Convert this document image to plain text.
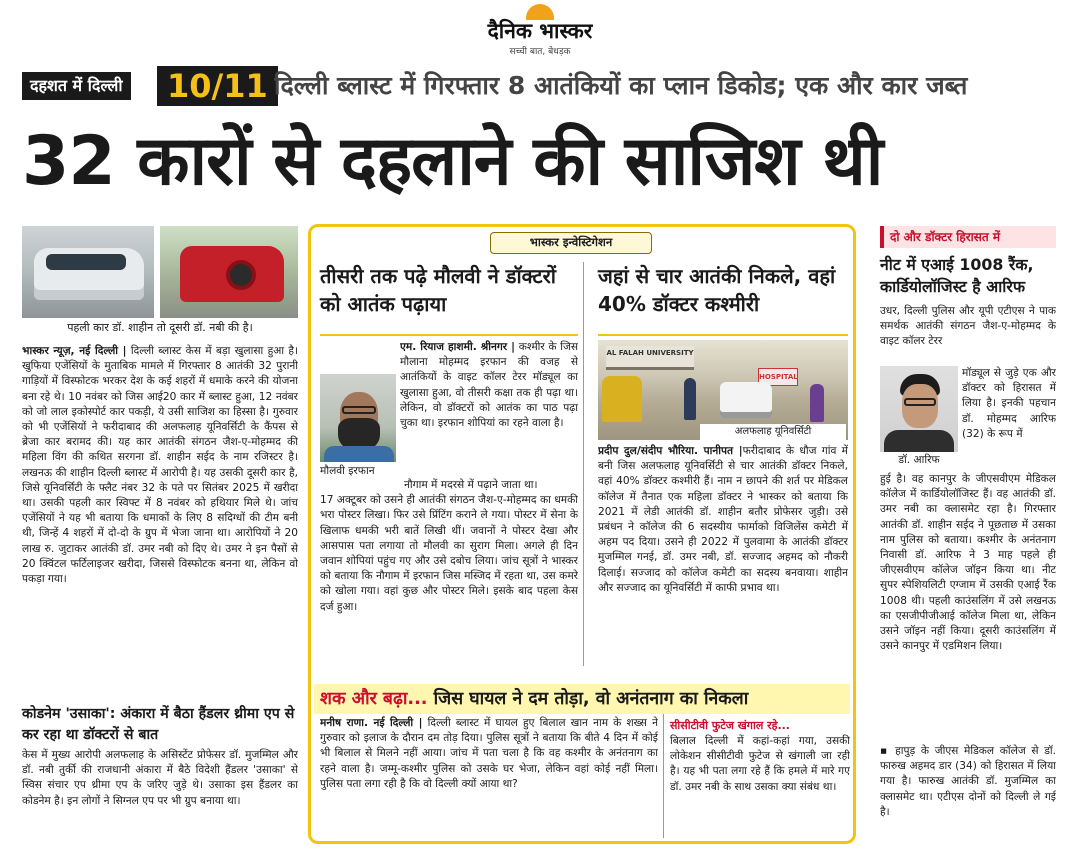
दैनिक भास्कर
सच्ची बात, बेधड़क
दहशत में दिल्ली	10/11 दिल्ली ब्लास्ट में गिरफ्तार 8 आतंकियों का प्लान डिकोड; एक और कार जब्त
32 कारों से दहलाने की साजिश थी
पहली कार डॉ. शाहीन तो दूसरी डॉ. नबी की है।
भास्कर न्यूज़, नई दिल्ली | दिल्ली ब्लास्ट केस में बड़ा खुलासा हुआ है। खुफिया एजेंसियों के मुताबिक मामले में गिरफ्तार 8 आतंकी 32 पुरानी गाड़ियों में विस्फोटक भरकर देश के कई शहरों में धमाके करने की योजना बना रहे थे। 10 नवंबर को जिस आई20 कार में ब्लास्ट हुआ, 12 नवंबर को जो लाल इकोस्पोर्ट कार पकड़ी, ये उसी साजिश का हिस्सा है। गुरुवार को भी एजेंसियों ने फरीदाबाद की अलफलाह यूनिवर्सिटी के कैंपस से ब्रेजा कार बरामद की। यह कार आतंकी संगठन जैश-ए-मोहम्मद की महिला विंग की कथित सरगना डॉ. शाहीन सईद के नाम रजिस्टर है। लखनऊ की शाहीन दिल्ली ब्लास्ट में आरोपी है। यह उसकी दूसरी कार है, जिसे यूनिवर्सिटी के फ्लैट नंबर 32 के पते पर सितंबर 2025 में खरीदा था। उसकी पहली कार स्विफ्ट में 8 नवंबर को हथियार मिले थे। जांच एजेंसियों ने यह भी बताया कि धमाकों के लिए 8 सदिग्धों की टीम बनी थी, जिन्हें 4 शहरों में दो-दो के ग्रुप में भेजा जाना था। आरोपियों ने 20 लाख रु. जुटाकर आतंकी डॉ. उमर नबी को दिए थे। उमर ने इन पैसों से 20 क्विंटल फर्टिलाइजर खरीदा, जिससे विस्फोटक बनना था, लेकिन वो पकड़ा गया।
कोडनेम 'उसाका': अंकारा में बैठा हैंडलर थ्रीमा एप से कर रहा था डॉक्टरों से बात
केस में मुख्य आरोपी अलफलाह के असिस्टेंट प्रोफेसर डॉ. मुजम्मिल और डॉ. नबी तुर्की की राजधानी अंकारा में बैठे विदेशी हैंडलर 'उसाका' से स्विस संचार एप थ्रीमा एप के जरिए जुड़े थे। उसाका इस हैंडलर का कोडनेम है। इन लोगों ने सिग्नल एप पर भी ग्रुप बनाया था।
भास्कर इन्वेस्टिगेशन
तीसरी तक पढ़े मौलवी ने डॉक्टरों को आतंक पढ़ाया
एम. रियाज हाशमी. श्रीनगर | कश्मीर के जिस मौलाना मोहम्मद इरफान की वजह से आतंकियों के वाइट कॉलर टेरर मॉड्यूल का खुलासा हुआ, वो तीसरी कक्षा तक ही पढ़ा था। लेकिन, वो डॉक्टरों को आतंक का पाठ पढ़ा चुका था। इरफान शोपियां का रहने वाला है।
मौलवी इरफान
नौगाम में मदरसे में पढ़ाने जाता था।
17 अक्टूबर को उसने ही आतंकी संगठन जैश-ए-मोहम्मद का धमकी भरा पोस्टर लिखा। फिर उसे प्रिंटिंग कराने ले गया। पोस्टर में सेना के खिलाफ धमकी भरी बातें लिखी थीं। जवानों ने पोस्टर देखा और आसपास पता लगाया तो मौलवी का सुराग मिला। अगले ही दिन जवान शोपियां पहुंच गए और उसे दबोच लिया। जांच सूत्रों ने भास्कर को बताया कि नौगाम में इरफान जिस मस्जिद में रहता था, उस कमरे को खोला गया। वहां कुछ और पोस्टर मिले। इसके बाद पहला केस दर्ज हुआ।
जहां से चार आतंकी निकले, वहां 40% डॉक्टर कश्मीरी
AL FALAH UNIVERSITY
HOSPITAL
अलफलाह यूनिवर्सिटी
प्रदीप दुल/संदीप भौरिया. पानीपत |फरीदाबाद के धौज गांव में बनी जिस अलफलाह यूनिवर्सिटी से चार आतंकी डॉक्टर निकले, वहां 40% डॉक्टर कश्मीरी हैं। नाम न छापने की शर्त पर मेडिकल कॉलेज में तैनात एक महिला डॉक्टर ने भास्कर को बताया कि 2021 में लेडी आतंकी डॉ. शाहीन बतौर प्रोफेसर जुड़ी। उसे प्रबंधन ने कॉलेज की 6 सदस्यीय फार्माको विजिलेंस कमेटी में अहम पद दिया। उसने ही 2022 में पुलवामा के आतंकी डॉक्टर मुजम्मिल गनई, डॉ. उमर नबी, डॉ. सज्जाद अहमद को नौकरी दिलाई। सज्जाद को कॉलेज कमेटी का सदस्य बनवाया। शाहीन और सज्जाद का यूनिवर्सिटी में काफी प्रभाव था।
शक और बढ़ा... जिस घायल ने दम तोड़ा, वो अनंतनाग का निकला
मनीष राणा. नई दिल्ली | दिल्ली ब्लास्ट में घायल हुए बिलाल खान नाम के शख्स ने गुरुवार को इलाज के दौरान दम तोड़ दिया। पुलिस सूत्रों ने बताया कि बीते 4 दिन में कोई भी बिलाल से मिलने नहीं आया। जांच में पता चला है कि वह कश्मीर के अनंतनाग का रहने वाला है। जम्मू-कश्मीर पुलिस को उसके घर भेजा, लेकिन वहां कोई नहीं मिला। पुलिस पता लगा रही है कि वो दिल्ली क्यों आया था?
सीसीटीवी फुटेज खंगाल रहे...
बिलाल दिल्ली में कहां-कहां गया, उसकी लोकेशन सीसीटीवी फुटेज से खंगाली जा रही है। यह भी पता लगा रहे हैं कि हमले में मारे गए डॉ. उमर नबी के साथ उसका क्या संबंध था।
दो और डॉक्टर हिरासत में
नीट में एआई 1008 रैंक, कार्डियोलॉजिस्ट है आरिफ
उधर, दिल्ली पुलिस और यूपी एटीएस ने पाक समर्थक आतंकी संगठन जैश-ए-मोहम्मद के वाइट कॉलर टेरर
डॉ. आरिफ
मॉड्यूल से जुड़े एक और डॉक्टर को हिरासत में लिया है। इनकी पहचान डॉ. मोहम्मद आरिफ (32) के रूप में
हुई है। वह कानपुर के जीएसवीएम मेडिकल कॉलेज में कार्डियोलॉजिस्ट हैं। वह आतंकी डॉ. उमर नबी का क्लासमेट रहा है। गिरफ्तार आतंकी डॉ. शाहीन सईद ने पूछताछ में उसका नाम पुलिस को बताया। कश्मीर के अनंतनाग निवासी डॉ. आरिफ ने 3 माह पहले ही जीएसवीएम कॉलेज जॉइन किया था। नीट सुपर स्पेशियलिटी एग्जाम में उसकी एआई रैंक 1008 थी। पहली काउंसलिंग में उसे लखनऊ का एसजीपीजीआई कॉलेज मिला था, लेकिन उसने जॉइन नहीं किया। दूसरी काउंसलिंग में उसने कानपुर में एडमिशन लिया।
▪ हापुड़ के जीएस मेडिकल कॉलेज से डॉ. फारुख अहमद डार (34) को हिरासत में लिया गया है। फारुख आतंकी डॉ. मुजम्मिल का क्लासमेट था। एटीएस दोनों को दिल्ली ले गई है।
